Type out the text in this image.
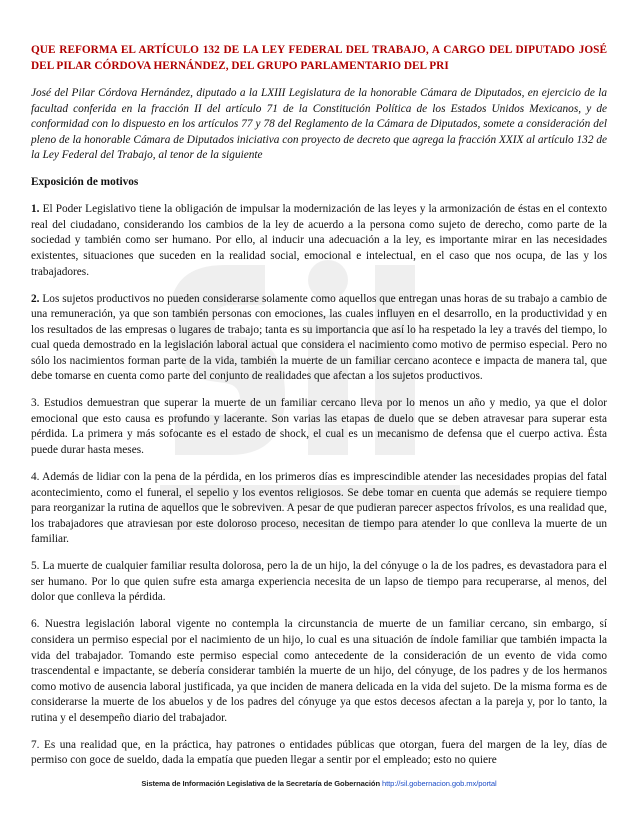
QUE REFORMA EL ARTÍCULO 132 DE LA LEY FEDERAL DEL TRABAJO, A CARGO DEL DIPUTADO JOSÉ DEL PILAR CÓRDOVA HERNÁNDEZ, DEL GRUPO PARLAMENTARIO DEL PRI

José del Pilar Córdova Hernández, diputado a la LXIII Legislatura de la honorable Cámara de Diputados, en ejercicio de la facultad conferida en la fracción II del artículo 71 de la Constitución Política de los Estados Unidos Mexicanos, y de conformidad con lo dispuesto en los artículos 77 y 78 del Reglamento de la Cámara de Diputados, somete a consideración del pleno de la honorable Cámara de Diputados iniciativa con proyecto de decreto que agrega la fracción XXIX al artículo 132 de la Ley Federal del Trabajo, al tenor de la siguiente

Exposición de motivos

1. El Poder Legislativo tiene la obligación de impulsar la modernización de las leyes y la armonización de éstas en el contexto real del ciudadano, considerando los cambios de la ley de acuerdo a la persona como sujeto de derecho, como parte de la sociedad y también como ser humano. Por ello, al inducir una adecuación a la ley, es importante mirar en las necesidades existentes, situaciones que suceden en la realidad social, emocional e intelectual, en el caso que nos ocupa, de las y los trabajadores.

2. Los sujetos productivos no pueden considerarse solamente como aquellos que entregan unas horas de su trabajo a cambio de una remuneración, ya que son también personas con emociones, las cuales influyen en el desarrollo, en la productividad y en los resultados de las empresas o lugares de trabajo; tanta es su importancia que así lo ha respetado la ley a través del tiempo, lo cual queda demostrado en la legislación laboral actual que considera el nacimiento como motivo de permiso especial. Pero no sólo los nacimientos forman parte de la vida, también la muerte de un familiar cercano acontece e impacta de manera tal, que debe tomarse en cuenta como parte del conjunto de realidades que afectan a los sujetos productivos.

3. Estudios demuestran que superar la muerte de un familiar cercano lleva por lo menos un año y medio, ya que el dolor emocional que esto causa es profundo y lacerante. Son varias las etapas de duelo que se deben atravesar para superar esta pérdida. La primera y más sofocante es el estado de shock, el cual es un mecanismo de defensa que el cuerpo activa. Ésta puede durar hasta meses.

4. Además de lidiar con la pena de la pérdida, en los primeros días es imprescindible atender las necesidades propias del fatal acontecimiento, como el funeral, el sepelio y los eventos religiosos. Se debe tomar en cuenta que además se requiere tiempo para reorganizar la rutina de aquellos que le sobreviven. A pesar de que pudieran parecer aspectos frívolos, es una realidad que, los trabajadores que atraviesan por este doloroso proceso, necesitan de tiempo para atender lo que conlleva la muerte de un familiar.

5. La muerte de cualquier familiar resulta dolorosa, pero la de un hijo, la del cónyuge o la de los padres, es devastadora para el ser humano. Por lo que quien sufre esta amarga experiencia necesita de un lapso de tiempo para recuperarse, al menos, del dolor que conlleva la pérdida.

6. Nuestra legislación laboral vigente no contempla la circunstancia de muerte de un familiar cercano, sin embargo, sí considera un permiso especial por el nacimiento de un hijo, lo cual es una situación de índole familiar que también impacta la vida del trabajador. Tomando este permiso especial como antecedente de la consideración de un evento de vida como trascendental e impactante, se debería considerar también la muerte de un hijo, del cónyuge, de los padres y de los hermanos como motivo de ausencia laboral justificada, ya que inciden de manera delicada en la vida del sujeto. De la misma forma es de considerarse la muerte de los abuelos y de los padres del cónyuge ya que estos decesos afectan a la pareja y, por lo tanto, la rutina y el desempeño diario del trabajador.

7. Es una realidad que, en la práctica, hay patrones o entidades públicas que otorgan, fuera del margen de la ley, días de permiso con goce de sueldo, dada la empatía que pueden llegar a sentir por el empleado; esto no quiere

Sistema de Información Legislativa de la Secretaría de Gobernación http://sil.gobernacion.gob.mx/portal
